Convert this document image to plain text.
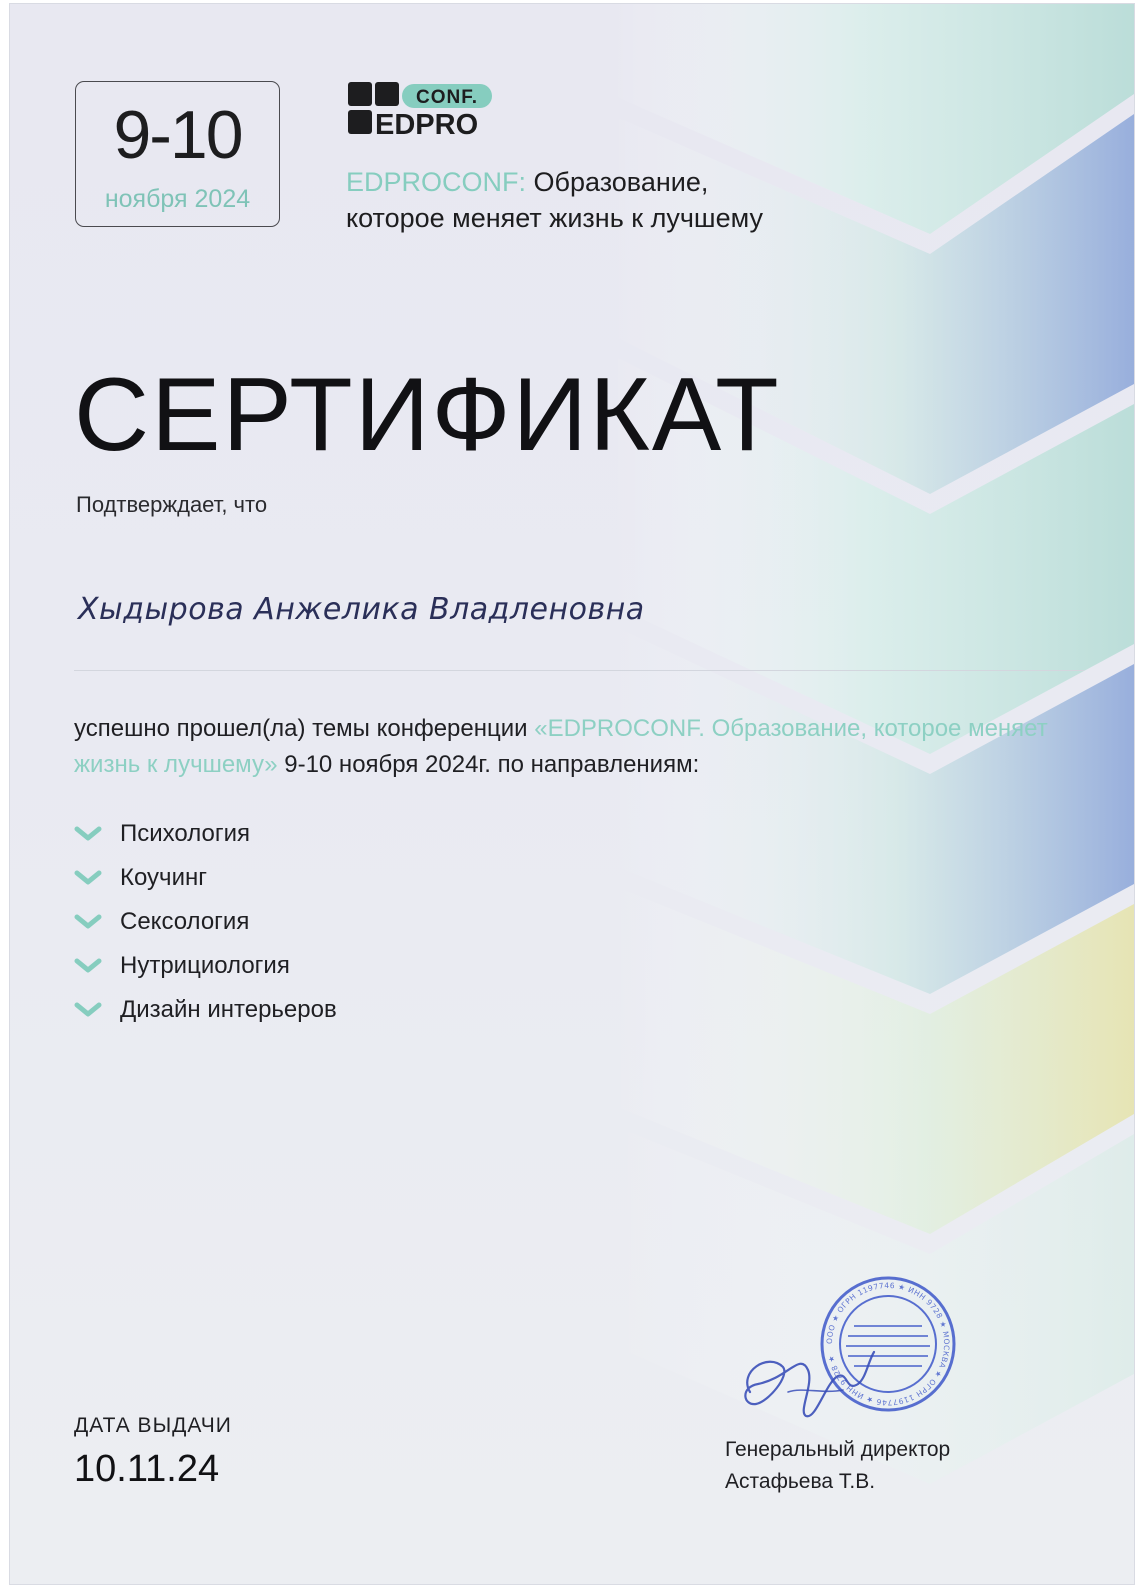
9-10
ноября 2024
CONF.
EDPRO
EDPROCONF: Образование,
которое меняет жизнь к лучшему
СЕРТИФИКАТ
Подтверждает, что
Хыдырова Анжелика Владленовна
успешно прошел(ла) темы конференции «EDPROCONF. Образование, которое меняет жизнь к лучшему» 9-10 ноября 2024г. по направлениям:
Психология
Коучинг
Сексология
Нутрициология
Дизайн интерьеров
ДАТА ВЫДАЧИ
10.11.24
ООО ★ ОГРН 1197746 ★ ИНН 9728 ★ МОСКВА ★ ОГРН 1197746 ★ ИНН 9728 ★
Генеральный директор
Астафьева Т.В.
